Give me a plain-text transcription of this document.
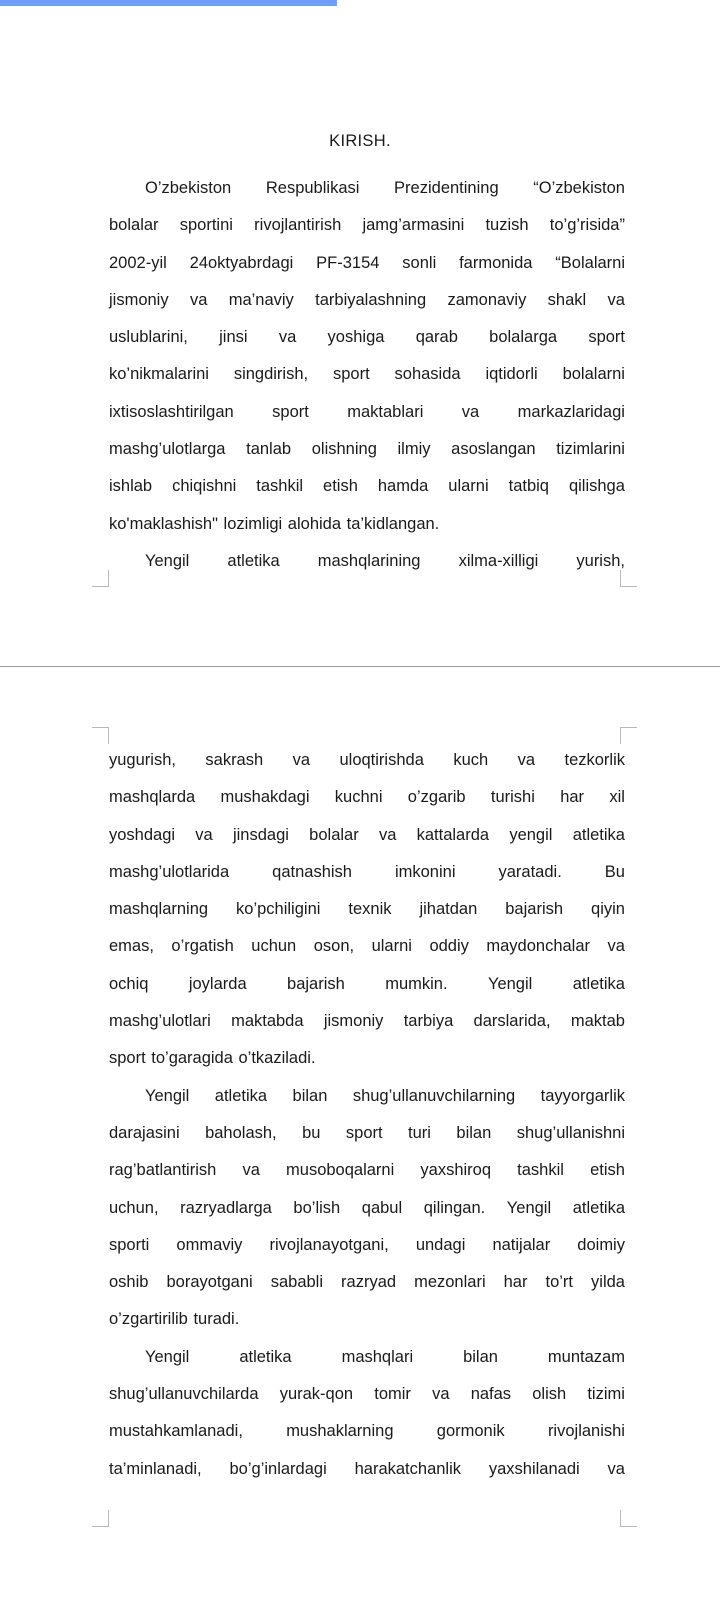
KIRISH.
O’zbekiston Respublikasi Prezidentining “O’zbekiston
bolalar sportini rivojlantirish jamg’armasini tuzish to’g’risida”
2002-yil 24oktyabrdagi PF-3154 sonli farmonida “Bolalarni
jismoniy va ma’naviy tarbiyalashning zamonaviy shakl va
uslublarini, jinsi va yoshiga qarab bolalarga sport
ko’nikmalarini singdirish, sport sohasida iqtidorli bolalarni
ixtisoslashtirilgan sport maktablari va markazlaridagi
mashg’ulotlarga tanlab olishning ilmiy asoslangan tizimlarini
ishlab chiqishni tashkil etish hamda ularni tatbiq qilishga
ko'maklashish" lozimligi alohida ta’kidlangan.
Yengil atletika mashqlarining xilma-xilligi yurish,
yugurish, sakrash va uloqtirishda kuch va tezkorlik
mashqlarda mushakdagi kuchni o’zgarib turishi har xil
yoshdagi va jinsdagi bolalar va kattalarda yengil atletika
mashg’ulotlarida	qatnashish	imkonini	yaratadi.	Bu
mashqlarning ko’pchiligini texnik jihatdan bajarish qiyin
emas, o’rgatish uchun oson, ularni oddiy maydonchalar va
ochiq joylarda bajarish mumkin. Yengil atletika
mashg’ulotlari maktabda jismoniy tarbiya darslarida, maktab
sport to’garagida o’tkaziladi.
Yengil atletika bilan shug’ullanuvchilarning tayyorgarlik
darajasini baholash, bu sport turi bilan shug’ullanishni
rag’batlantirish va musoboqalarni yaxshiroq tashkil etish
uchun, razryadlarga bo’lish qabul qilingan. Yengil atletika
sporti ommaviy rivojlanayotgani, undagi natijalar doimiy
oshib borayotgani sababli razryad mezonlari har to’rt yilda
o’zgartirilib turadi.
Yengil	atletika	mashqlari	bilan	muntazam
shug’ullanuvchilarda yurak-qon tomir va nafas olish tizimi
mustahkamlanadi,	mushaklarning	gormonik	rivojlanishi
ta’minlanadi, bo’g’inlardagi harakatchanlik yaxshilanadi va
